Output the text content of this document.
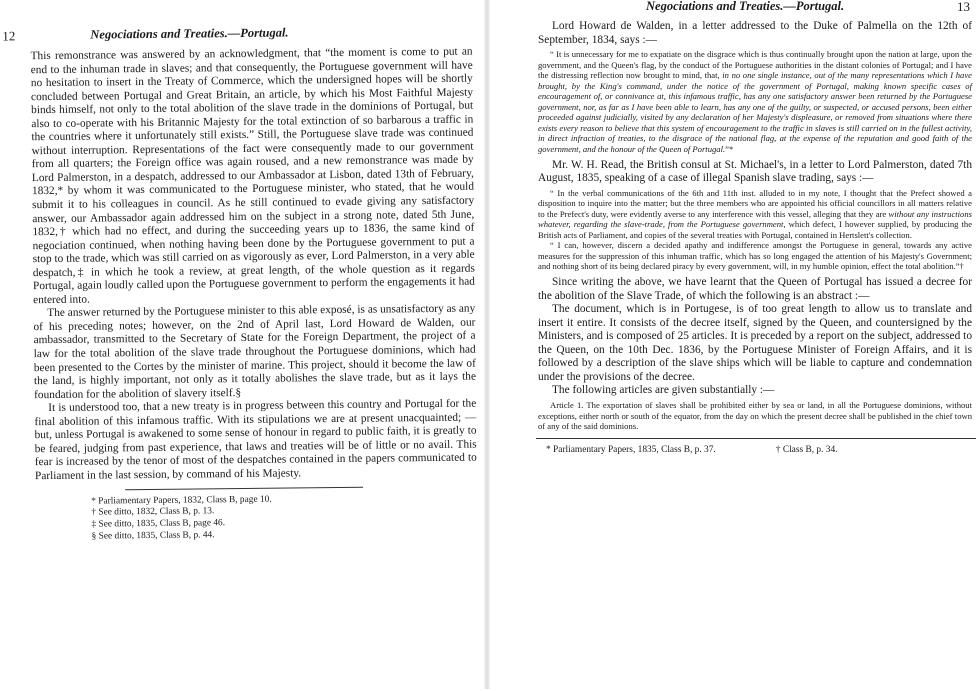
12	Negociations and Treaties.—Portugal.

This remonstrance was answered by an acknowledgment, that “the moment is come to put an end to the inhuman trade in slaves; and that consequently, the Portuguese government will have no hesitation to insert in the Treaty of Commerce, which the undersigned hopes will be shortly concluded between Portugal and Great Britain, an article, by which his Most Faithful Majesty binds himself, not only to the total abolition of the slave trade in the dominions of Portugal, but also to co-operate with his Britannic Majesty for the total extinction of so barbarous a traffic in the countries where it unfortunately still exists.” Still, the Portuguese slave trade was continued without interruption. Representations of the fact were consequently made to our government from all quarters; the Foreign office was again roused, and a new remonstrance was made by Lord Palmerston, in a despatch, addressed to our Ambassador at Lisbon, dated 13th of February, 1832,* by whom it was communicated to the Portuguese minister, who stated, that he would submit it to his colleagues in council. As he still continued to evade giving any satisfactory answer, our Ambassador again addressed him on the subject in a strong note, dated 5th June, 1832,† which had no effect, and during the succeeding years up to 1836, the same kind of negociation continued, when nothing having been done by the Portuguese government to put a stop to the trade, which was still carried on as vigorously as ever, Lord Palmerston, in a very able despatch,‡ in which he took a review, at great length, of the whole question as it regards Portugal, again loudly called upon the Portuguese government to perform the engagements it had entered into.

The answer returned by the Portuguese minister to this able exposé, is as unsatisfactory as any of his preceding notes; however, on the 2nd of April last, Lord Howard de Walden, our ambassador, transmitted to the Secretary of State for the Foreign Department, the project of a law for the total abolition of the slave trade throughout the Portuguese dominions, which had been presented to the Cortes by the minister of marine. This project, should it become the law of the land, is highly important, not only as it totally abolishes the slave trade, but as it lays the foundation for the abolition of slavery itself.§

It is understood too, that a new treaty is in progress between this country and Portugal for the final abolition of this infamous traffic. With its stipulations we are at present unacquainted; —but, unless Portugal is awakened to some sense of honour in regard to public faith, it is greatly to be feared, judging from past experience, that laws and treaties will be of little or no avail. This fear is increased by the tenor of most of the despatches contained in the papers communicated to Parliament in the last session, by command of his Majesty.

* Parliamentary Papers, 1832, Class B, page 10.
† See ditto, 1832, Class B, p. 13.
‡ See ditto, 1835, Class B, page 46.
§ See ditto, 1835, Class B, p. 44.
Negociations and Treaties.—Portugal.	13

Lord Howard de Walden, in a letter addressed to the Duke of Palmella on the 12th of September, 1834, says :—

“ It is unnecessary for me to expatiate on the disgrace which is thus continually brought upon the nation at large, upon the government, and the Queen's flag, by the conduct of the Portuguese authorities in the distant colonies of Portugal; and I have the distressing reflection now brought to mind, that, in no one single instance, out of the many representations which I have brought, by the King's command, under the notice of the government of Portugal, making known specific cases of encouragement of, or connivance at, this infamous traffic, has any one satisfactory answer been returned by the Portuguese government, nor, as far as I have been able to learn, has any one of the guilty, or suspected, or accused persons, been either proceeded against judicially, visited by any declaration of her Majesty's displeasure, or removed from situations where there exists every reason to believe that this system of encouragement to the traffic in slaves is still carried on in the fullest activity, in direct infraction of treaties, to the disgrace of the national flag, at the expense of the reputation and good faith of the government, and the honour of the Queen of Portugal.”*

Mr. W. H. Read, the British consul at St. Michael's, in a letter to Lord Palmerston, dated 7th August, 1835, speaking of a case of illegal Spanish slave trading, says :—

“ In the verbal communications of the 6th and 11th inst. alluded to in my note, I thought that the Prefect showed a disposition to inquire into the matter; but the three members who are appointed his official councillors in all matters relative to the Prefect's duty, were evidently averse to any interference with this vessel, alleging that they are without any instructions whatever, regarding the slave-trade, from the Portuguese government, which defect, I however supplied, by producing the British acts of Parliament, and copies of the several treaties with Portugal, contained in Hertslett's collection.

“ I can, however, discern a decided apathy and indifference amongst the Portuguese in general, towards any active measures for the suppression of this inhuman traffic, which has so long engaged the attention of his Majesty's Government; and nothing short of its being declared piracy by every government, will, in my humble opinion, effect the total abolition.”†

Since writing the above, we have learnt that the Queen of Portugal has issued a decree for the abolition of the Slave Trade, of which the following is an abstract :—

The document, which is in Portugese, is of too great length to allow us to translate and insert it entire. It consists of the decree itself, signed by the Queen, and countersigned by the Ministers, and is composed of 25 articles. It is preceded by a report on the subject, addressed to the Queen, on the 10th Dec. 1836, by the Portuguese Minister of Foreign Affairs, and it is followed by a description of the slave ships which will be liable to capture and condemnation under the provisions of the decree.

The following articles are given substantially :—

Article 1. The exportation of slaves shall be prohibited either by sea or land, in all the Portuguese dominions, without exceptions, either north or south of the equator, from the day on which the present decree shall be published in the chief town of any of the said dominions.

* Parliamentary Papers, 1835, Class B, p. 37.	† Class B, p. 34.
